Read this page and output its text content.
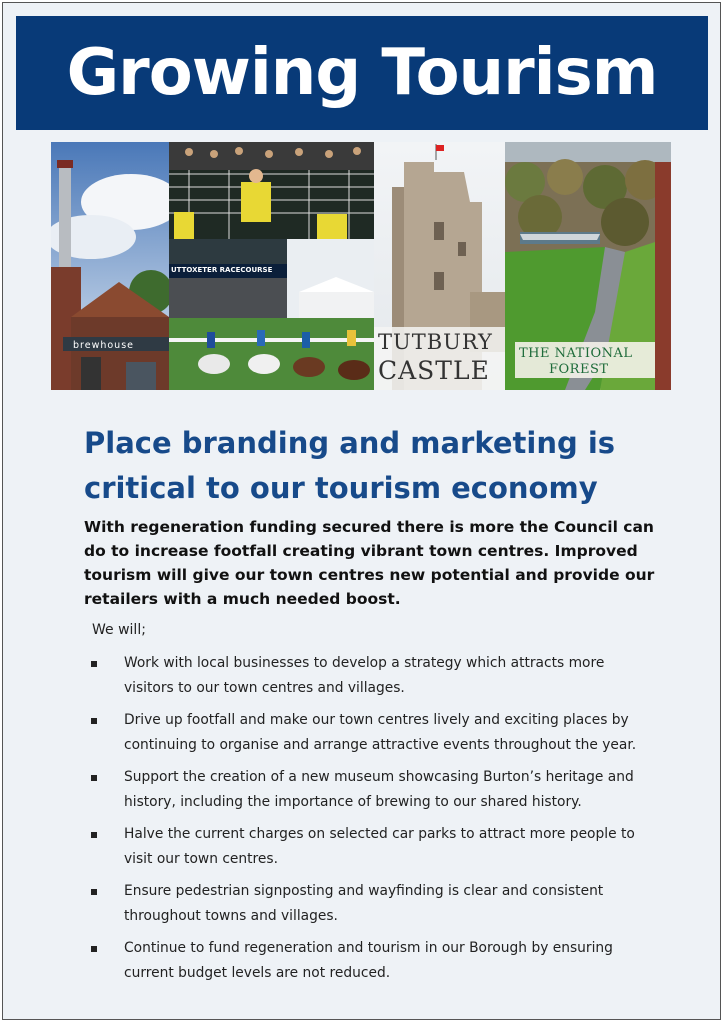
Growing Tourism
brewhouse
UTTOXETER RACECOURSE
TUTBURY
CASTLE
THE NATIONAL
FOREST
Place branding and marketing is
critical to our tourism economy
With regeneration funding secured there is more the Council can do to increase footfall creating vibrant town centres. Improved tourism will give our town centres new potential and provide our retailers with a much needed boost.
We will;
Work with local businesses to develop a strategy which attracts more visitors to our town centres and villages.
Drive up footfall and make our town centres lively and exciting places by continuing to organise and arrange attractive events throughout the year.
Support the creation of a new museum showcasing Burton’s heritage and history, including the importance of brewing to our shared history.
Halve the current charges on selected car parks to attract more people to visit our town centres.
Ensure pedestrian signposting and wayfinding is clear and consistent throughout towns and villages.
Continue to fund regeneration and tourism in our Borough by ensuring current budget levels are not reduced.
